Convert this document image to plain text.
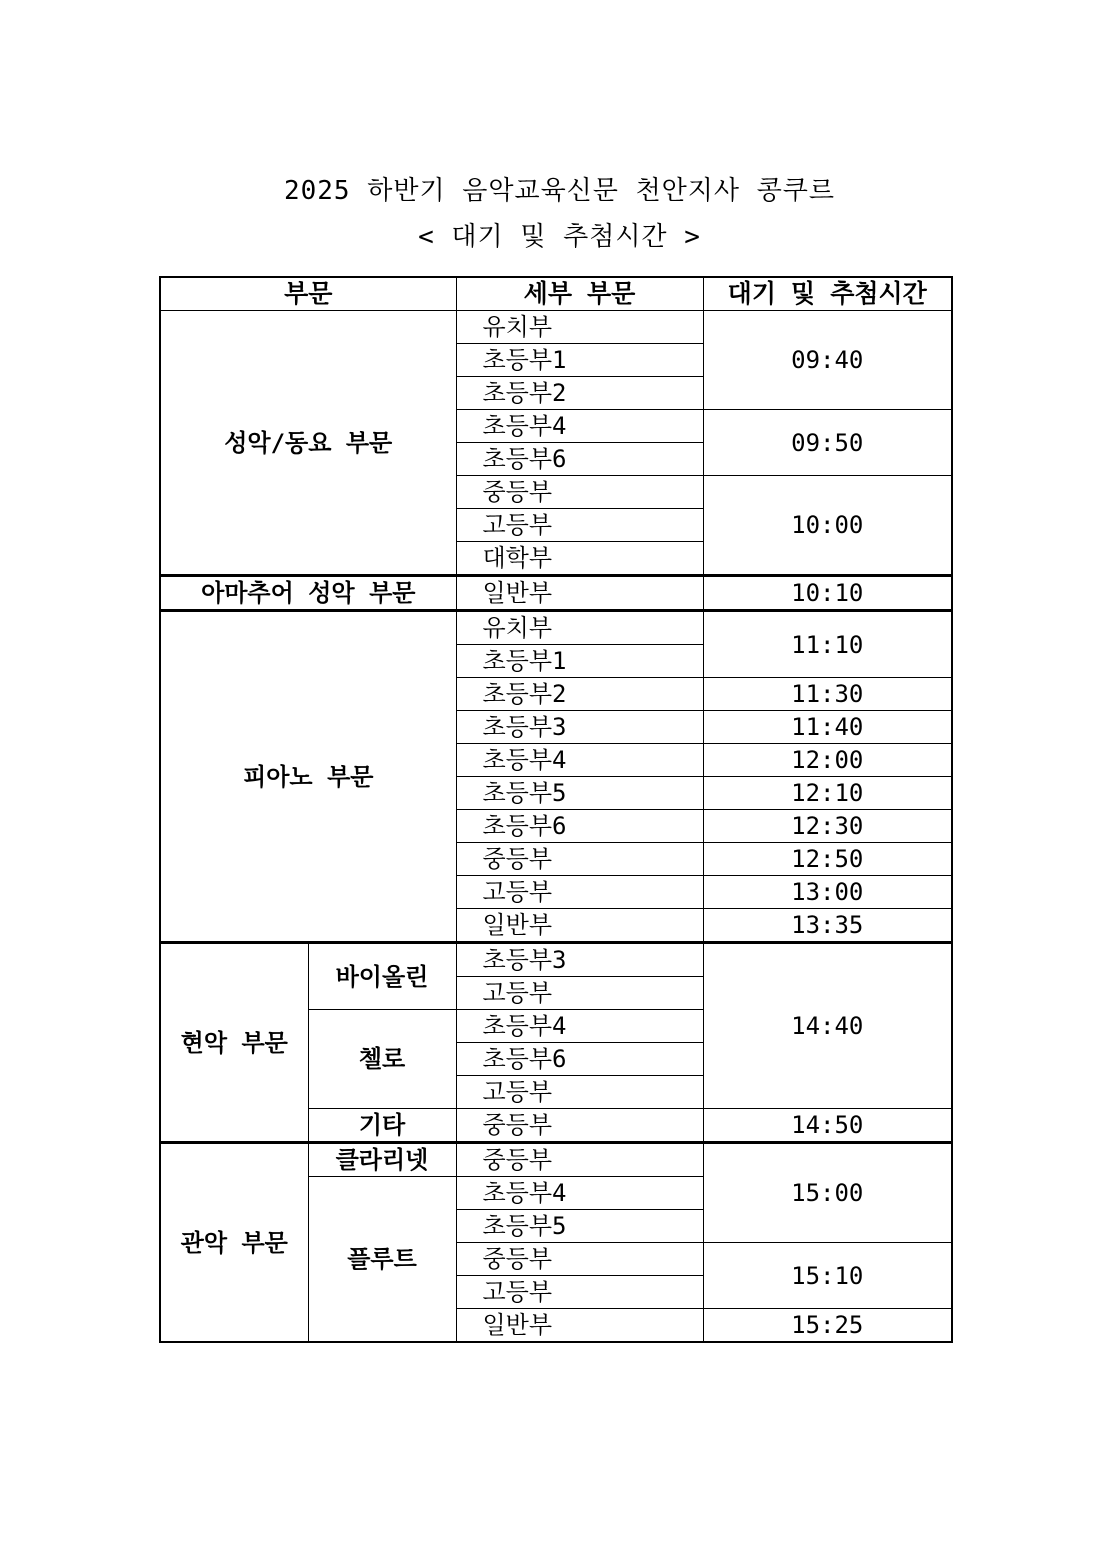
2025 하반기 음악교육신문 천안지사 콩쿠르
< 대기 및 추첨시간 >
부문		세부 부문	대기 및 추첨시간
성악/동요 부문		유치부	09:40
		초등부1	
		초등부2	
		초등부4	09:50
		초등부6	
		중등부	10:00
		고등부	
		대학부	
아마추어 성악 부문		일반부	10:10
피아노 부문		유치부	11:10
		초등부1	
		초등부2	11:30
		초등부3	11:40
		초등부4	12:00
		초등부5	12:10
		초등부6	12:30
		중등부	12:50
		고등부	13:00
		일반부	13:35
현악 부문	바이올린	초등부3	14:40
		고등부	
	첼로	초등부4	
		초등부6	
		고등부	
	기타	중등부	14:50
관악 부문	클라리넷	중등부	15:00
	플루트	초등부4	
		초등부5	
		중등부	15:10
		고등부	
		일반부	15:25
